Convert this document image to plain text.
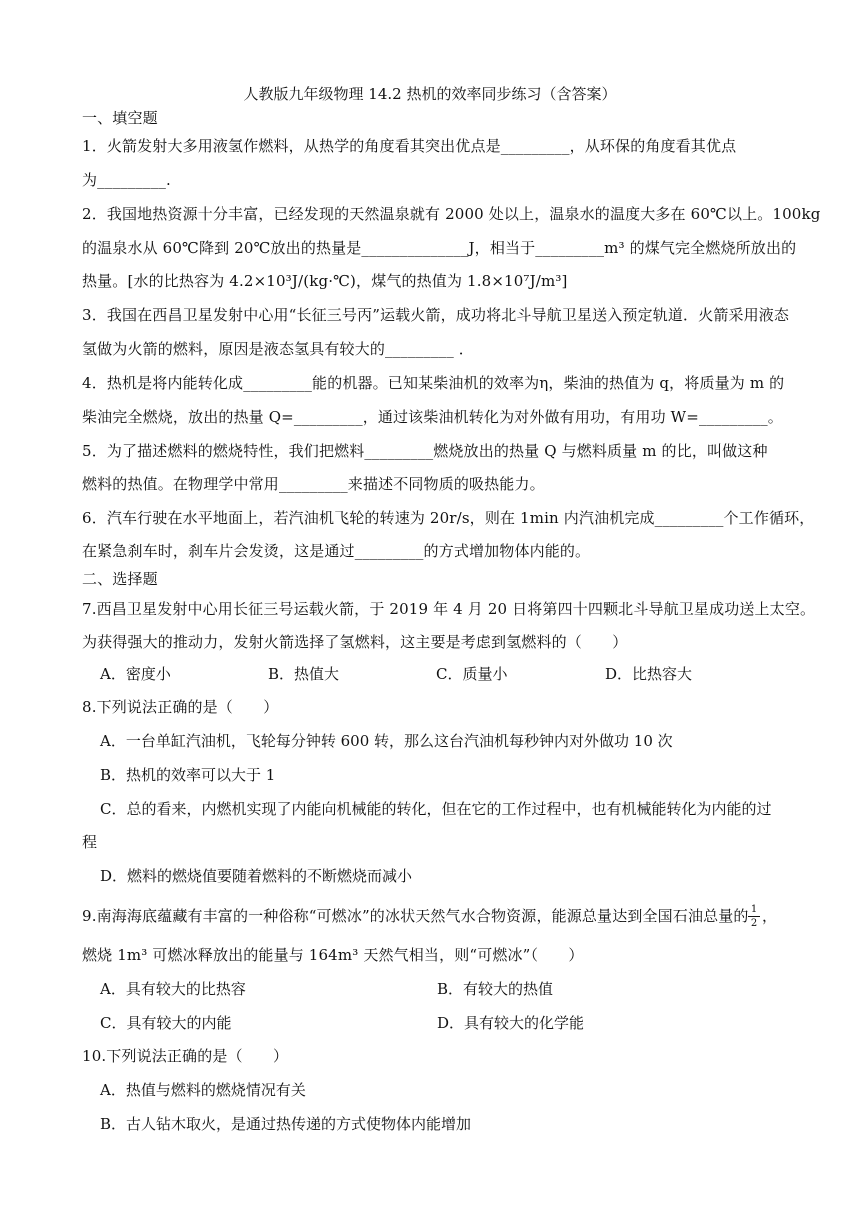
人教版九年级物理 14.2 热机的效率同步练习（含答案）
一、填空题
1．火箭发射大多用液氢作燃料，从热学的角度看其突出优点是_________，从环保的角度看其优点
为_________.
2．我国地热资源十分丰富，已经发现的天然温泉就有 2000 处以上，温泉水的温度大多在 60℃以上。100kg
的温泉水从 60℃降到 20℃放出的热量是______________J，相当于_________m³ 的煤气完全燃烧所放出的
热量。[水的比热容为 4.2×10³J/(kg·℃)，煤气的热值为 1.8×10⁷J/m³]
3．我国在西昌卫星发射中心用“长征三号丙”运载火箭，成功将北斗导航卫星送入预定轨道．火箭采用液态
氢做为火箭的燃料，原因是液态氢具有较大的_________ ．
4．热机是将内能转化成_________能的机器。已知某柴油机的效率为η，柴油的热值为 q，将质量为 m 的
柴油完全燃烧，放出的热量 Q=_________，通过该柴油机转化为对外做有用功，有用功 W=_________。
5．为了描述燃料的燃烧特性，我们把燃料_________燃烧放出的热量 Q 与燃料质量 m 的比，叫做这种
燃料的热值。在物理学中常用_________来描述不同物质的吸热能力。
6．汽车行驶在水平地面上，若汽油机飞轮的转速为 20r/s，则在 1min 内汽油机完成_________个工作循环，
在紧急刹车时，刹车片会发烫，这是通过_________的方式增加物体内能的。
二、选择题
7.西昌卫星发射中心用长征三号运载火箭，于 2019 年 4 月 20 日将第四十四颗北斗导航卫星成功送上太空。
为获得强大的推动力，发射火箭选择了氢燃料，这主要是考虑到氢燃料的（　　）
A．密度小	B．热值大	C．质量小	D．比热容大
8.下列说法正确的是（　　）
A．一台单缸汽油机，飞轮每分钟转 600 转，那么这台汽油机每秒钟内对外做功 10 次
B．热机的效率可以大于 1
C．总的看来，内燃机实现了内能向机械能的转化，但在它的工作过程中，也有机械能转化为内能的过
程
D．燃料的燃烧值要随着燃料的不断燃烧而减小
9.南海海底蕴藏有丰富的一种俗称“可燃冰”的冰状天然气水合物资源，能源总量达到全国石油总量的 1
2 ，
燃烧 1m³ 可燃冰释放出的能量与 164m³ 天然气相当，则“可燃冰”（　　）
A．具有较大的比热容	B．有较大的热值
C．具有较大的内能	D．具有较大的化学能
10.下列说法正确的是（　　）
A．热值与燃料的燃烧情况有关
B．古人钻木取火，是通过热传递的方式使物体内能增加
